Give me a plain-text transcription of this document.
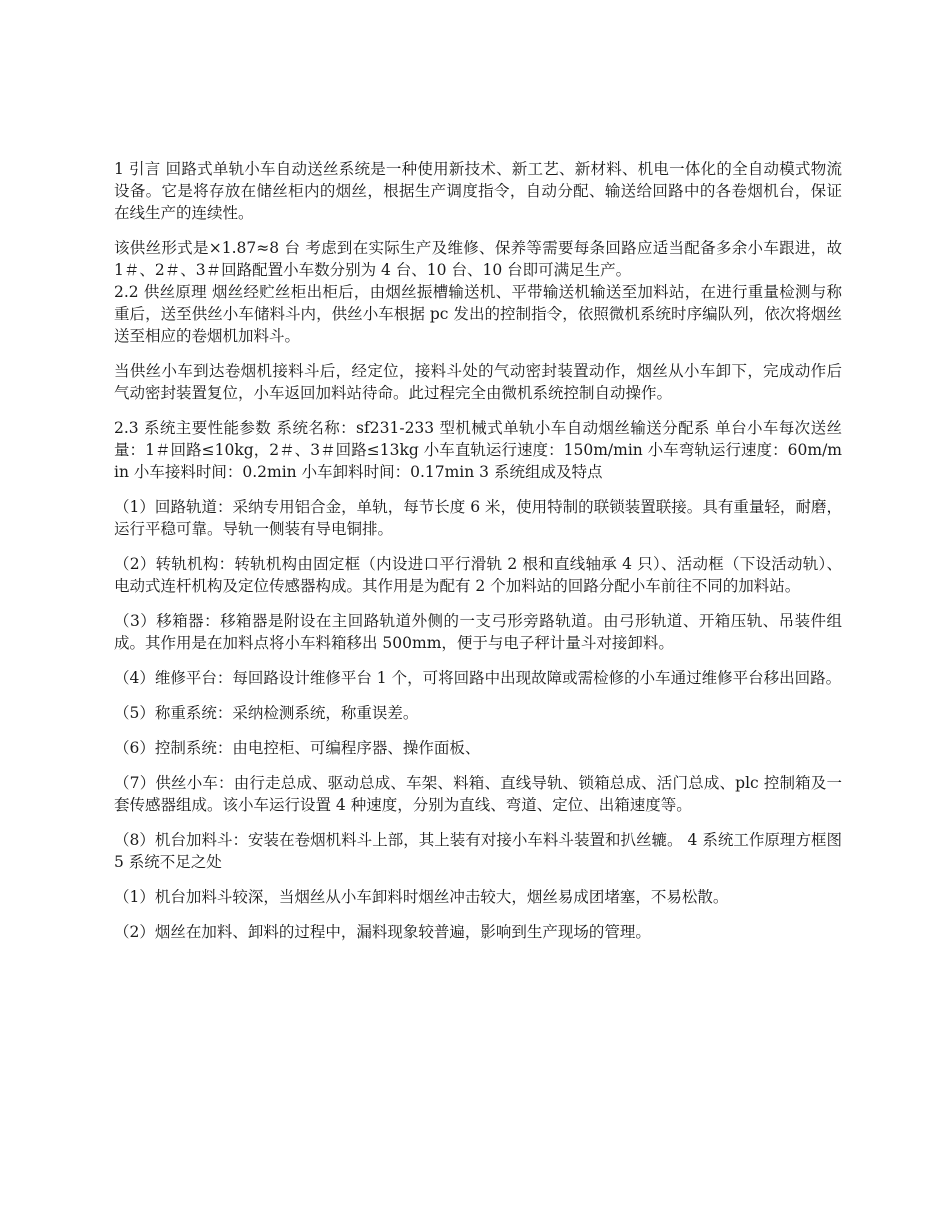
1 引言 回路式单轨小车自动送丝系统是一种使用新技术、新工艺、新材料、机电一体化的全自动模式物流设备。它是将存放在储丝柜内的烟丝，根据生产调度指令，自动分配、输送给回路中的各卷烟机台，保证在线生产的连续性。

该供丝形式是×1.87≈8 台 考虑到在实际生产及维修、保养等需要每条回路应适当配备多余小车跟进，故 1＃、2＃、3＃回路配置小车数分别为 4 台、10 台、10 台即可满足生产。

2.2 供丝原理 烟丝经贮丝柜出柜后，由烟丝振槽输送机、平带输送机输送至加料站，在进行重量检测与称重后，送至供丝小车储料斗内，供丝小车根据 pc 发出的控制指令，依照微机系统时序编队列，依次将烟丝送至相应的卷烟机加料斗。

当供丝小车到达卷烟机接料斗后，经定位，接料斗处的气动密封装置动作，烟丝从小车卸下，完成动作后气动密封装置复位，小车返回加料站待命。此过程完全由微机系统控制自动操作。

2.3 系统主要性能参数 系统名称：sf231-233 型机械式单轨小车自动烟丝输送分配系 单台小车每次送丝量：1＃回路≤10kg，2＃、3＃回路≤13kg 小车直轨运行速度：150m/min 小车弯轨运行速度：60m/min 小车接料时间：0.2min 小车卸料时间：0.17min 3 系统组成及特点

（1）回路轨道：采纳专用铝合金，单轨，每节长度 6 米，使用特制的联锁装置联接。具有重量轻，耐磨，运行平稳可靠。导轨一侧装有导电铜排。

（2）转轨机构：转轨机构由固定框（内设进口平行滑轨 2 根和直线轴承 4 只）、活动框（下设活动轨）、电动式连杆机构及定位传感器构成。其作用是为配有 2 个加料站的回路分配小车前往不同的加料站。

（3）移箱器：移箱器是附设在主回路轨道外侧的一支弓形旁路轨道。由弓形轨道、开箱压轨、吊装件组成。其作用是在加料点将小车料箱移出 500mm，便于与电子秤计量斗对接卸料。

（4）维修平台：每回路设计维修平台 1 个，可将回路中出现故障或需检修的小车通过维修平台移出回路。

（5）称重系统：采纳检测系统，称重误差。

（6）控制系统：由电控柜、可编程序器、操作面板、

（7）供丝小车：由行走总成、驱动总成、车架、料箱、直线导轨、锁箱总成、活门总成、plc 控制箱及一套传感器组成。该小车运行设置 4 种速度，分别为直线、弯道、定位、出箱速度等。

（8）机台加料斗：安装在卷烟机料斗上部，其上装有对接小车料斗装置和扒丝辘。 4 系统工作原理方框图 5 系统不足之处

（1）机台加料斗较深，当烟丝从小车卸料时烟丝冲击较大，烟丝易成团堵塞，不易松散。

（2）烟丝在加料、卸料的过程中，漏料现象较普遍，影响到生产现场的管理。
